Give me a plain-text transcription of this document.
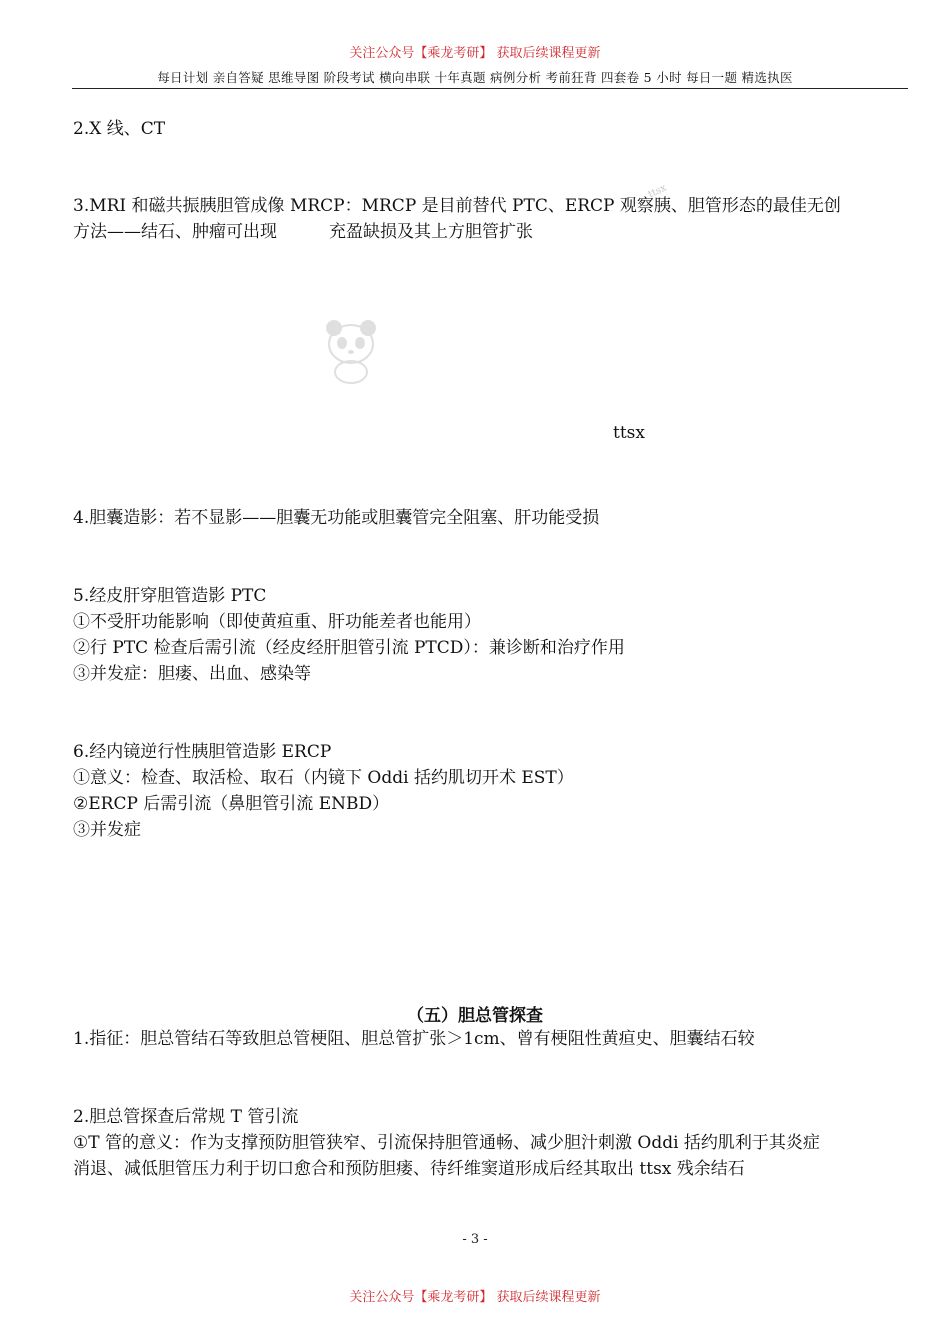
关注公众号【乘龙考研】 获取后续课程更新
每日计划 亲自答疑 思维导图 阶段考试 横向串联 十年真题 病例分析 考前狂背 四套卷 5 小时 每日一题 精选执医
2.X 线、CT
3.MRI 和磁共振胰胆管成像 MRCP：MRCP 是目前替代 PTC、ERCP 观察胰、胆管形态的最佳无创
方法——结石、肿瘤可出现	充盈缺损及其上方胆管扩张
ttsx
ttsx
4.胆囊造影：若不显影——胆囊无功能或胆囊管完全阻塞、肝功能受损
5.经皮肝穿胆管造影 PTC
①不受肝功能影响（即使黄疸重、肝功能差者也能用）
②行 PTC 检查后需引流（经皮经肝胆管引流 PTCD）：兼诊断和治疗作用
③并发症：胆瘘、出血、感染等
6.经内镜逆行性胰胆管造影 ERCP
①意义：检查、取活检、取石（内镜下 Oddi 括约肌切开术 EST）
②ERCP 后需引流（鼻胆管引流 ENBD）
③并发症
（五）胆总管探查
1.指征：胆总管结石等致胆总管梗阻、胆总管扩张＞1cm、曾有梗阻性黄疸史、胆囊结石较
2.胆总管探查后常规 T 管引流
①T 管的意义：作为支撑预防胆管狭窄、引流保持胆管通畅、减少胆汁刺激 Oddi 括约肌利于其炎症
消退、减低胆管压力利于切口愈合和预防胆瘘、待纤维窦道形成后经其取出 ttsx 残余结石
- 3 -
关注公众号【乘龙考研】 获取后续课程更新
